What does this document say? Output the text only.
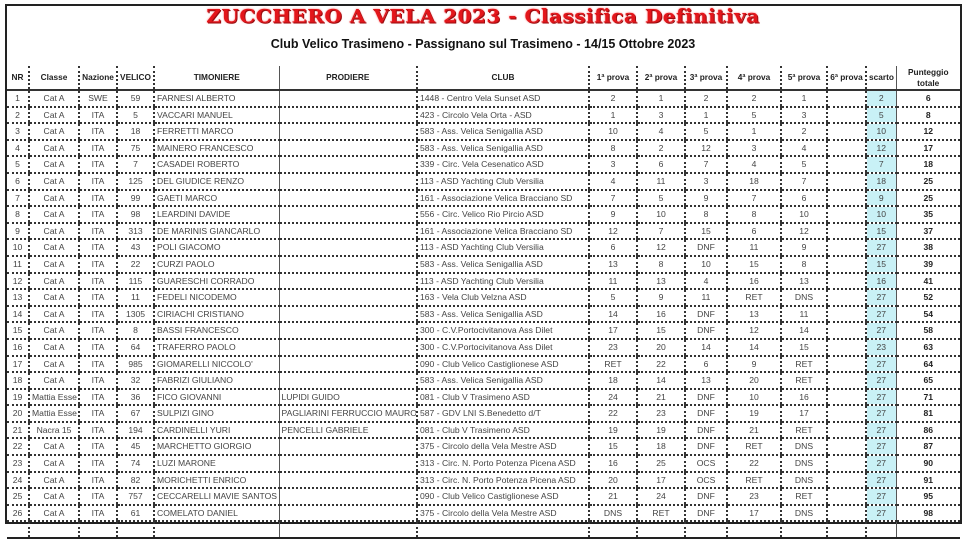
ZUCCHERO A VELA 2023 - Classifica Definitiva
Club Velico Trasimeno - Passignano sul Trasimeno - 14/15 Ottobre 2023
NR	Classe	Nazione	VELICO	TIMONIERE	PRODIERE	CLUB	1ª prova	2ª prova	3ª prova	4ª prova	5ª prova	6ª prova	scarto	Punteggio totale
1	Cat A	SWE	59	FARNESI ALBERTO		1448 - Centro Vela Sunset ASD	2	1	2	2	1		2	6
2	Cat A	ITA	5	VACCARI MANUEL		423 - Circolo Vela Orta - ASD	1	3	1	5	3		5	8
3	Cat A	ITA	18	FERRETTI MARCO		583 - Ass. Velica Senigallia ASD	10	4	5	1	2		10	12
4	Cat A	ITA	75	MAINERO FRANCESCO		583 - Ass. Velica Senigallia ASD	8	2	12	3	4		12	17
5	Cat A	ITA	7	CASADEI ROBERTO		339 - Circ. Vela Cesenatico ASD	3	6	7	4	5		7	18
6	Cat A	ITA	125	DEL GIUDICE RENZO		113 - ASD Yachting Club Versilia	4	11	3	18	7		18	25
7	Cat A	ITA	99	GAETI MARCO		161 - Associazione Velica Bracciano SD	7	5	9	7	6		9	25
8	Cat A	ITA	98	LEARDINI DAVIDE		556 - Circ. Velico Rio Pircio ASD	9	10	8	8	10		10	35
9	Cat A	ITA	313	DE MARINIS GIANCARLO		161 - Associazione Velica Bracciano SD	12	7	15	6	12		15	37
10	Cat A	ITA	43	POLI GIACOMO		113 - ASD Yachting Club Versilia	6	12	DNF	11	9		27	38
11	Cat A	ITA	22	CURZI PAOLO		583 - Ass. Velica Senigallia ASD	13	8	10	15	8		15	39
12	Cat A	ITA	115	GUARESCHI CORRADO		113 - ASD Yachting Club Versilia	11	13	4	16	13		16	41
13	Cat A	ITA	11	FEDELI NICODEMO		163 - Vela Club Velzna ASD	5	9	11	RET	DNS		27	52
14	Cat A	ITA	1305	CIRIACHI CRISTIANO		583 - Ass. Velica Senigallia ASD	14	16	DNF	13	11		27	54
15	Cat A	ITA	8	BASSI FRANCESCO		300 - C.V.Portocivitanova Ass Dilet	17	15	DNF	12	14		27	58
16	Cat A	ITA	64	TRAFERRO PAOLO		300 - C.V.Portocivitanova Ass Dilet	23	20	14	14	15		23	63
17	Cat A	ITA	985	GIOMARELLI NICCOLO'		090 - Club Velico Castiglionese ASD	RET	22	6	9	RET		27	64
18	Cat A	ITA	32	FABRIZI GIULIANO		583 - Ass. Velica Senigallia ASD	18	14	13	20	RET		27	65
19	Mattia Esse	ITA	36	FICO GIOVANNI	LUPIDI GUIDO	081 - Club V Trasimeno ASD	24	21	DNF	10	16		27	71
20	Mattia Esse	ITA	67	SULPIZI GINO	PAGLIARINI FERRUCCIO MAURO	587 - GDV LNI S.Benedetto d/T	22	23	DNF	19	17		27	81
21	Nacra 15	ITA	194	CARDINELLI YURI	PENCELLI GABRIELE	081 - Club V Trasimeno ASD	19	19	DNF	21	RET		27	86
22	Cat A	ITA	45	MARCHETTO GIORGIO		375 - Circolo della Vela Mestre ASD	15	18	DNF	RET	DNS		27	87
23	Cat A	ITA	74	LUZI MARONE		313 - Circ. N. Porto Potenza Picena ASD	16	25	OCS	22	DNS		27	90
24	Cat A	ITA	82	MORICHETTI ENRICO		313 - Circ. N. Porto Potenza Picena ASD	20	17	OCS	RET	DNS		27	91
25	Cat A	ITA	757	CECCARELLI MAVIE SANTOS		090 - Club Velico Castiglionese ASD	21	24	DNF	23	RET		27	95
26	Cat A	ITA	61	COMELATO DANIEL		375 - Circolo della Vela Mestre ASD	DNS	RET	DNF	17	DNS		27	98
